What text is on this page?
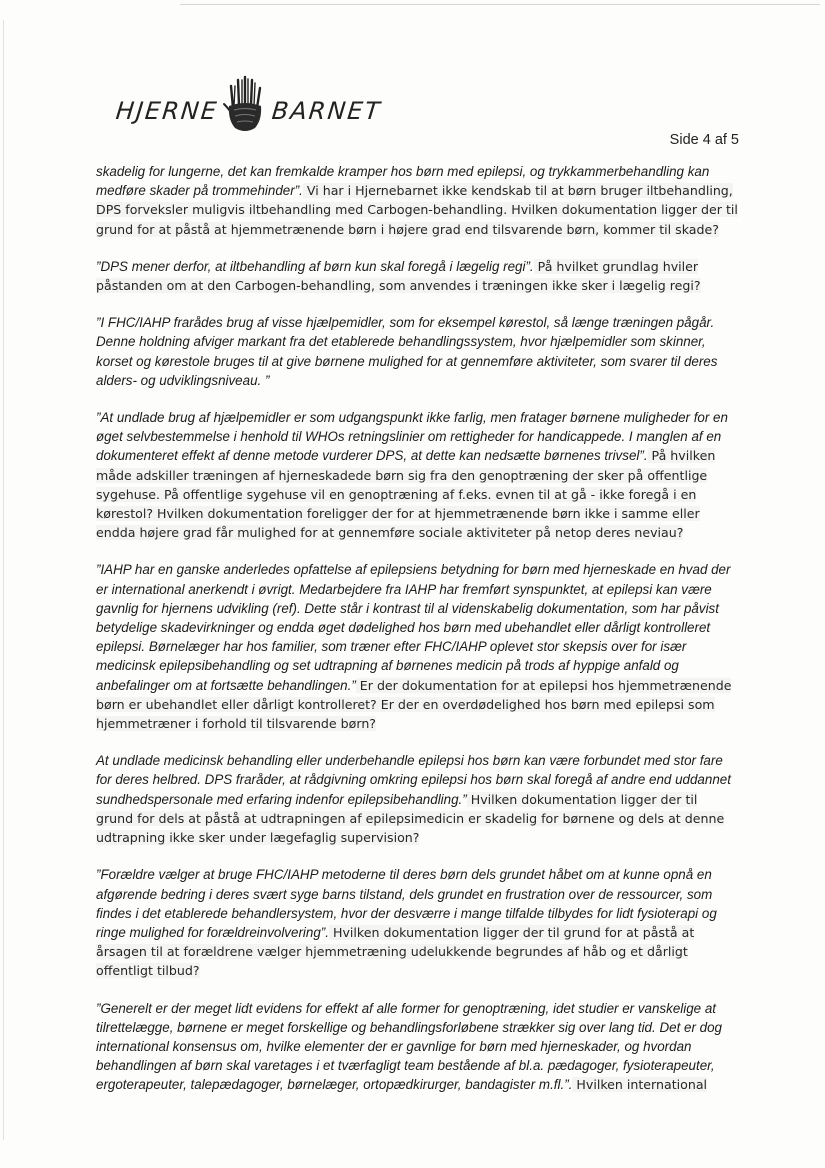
HJERNE BARNET
Side 4 af 5

skadelig for lungerne, det kan fremkalde kramper hos børn med epilepsi, og trykkammerbehandling kan medføre skader på trommehinder”. Vi har i Hjernebarnet ikke kendskab til at børn bruger iltbehandling, DPS forveksler muligvis iltbehandling med Carbogen-behandling. Hvilken dokumentation ligger der til grund for at påstå at hjemmetrænende børn i højere grad end tilsvarende børn, kommer til skade?

”DPS mener derfor, at iltbehandling af børn kun skal foregå i lægelig regi”. På hvilket grundlag hviler påstanden om at den Carbogen-behandling, som anvendes i træningen ikke sker i lægelig regi?

”I FHC/IAHP frarådes brug af visse hjælpemidler, som for eksempel kørestol, så længe træningen pågår. Denne holdning afviger markant fra det etablerede behandlingssystem, hvor hjælpemidler som skinner, korset og kørestole bruges til at give børnene mulighed for at gennemføre aktiviteter, som svarer til deres alders- og udviklingsniveau. ”

”At undlade brug af hjælpemidler er som udgangspunkt ikke farlig, men fratager børnene muligheder for en øget selvbestemmelse i henhold til WHOs retningslinier om rettigheder for handicappede. I manglen af en dokumenteret effekt af denne metode vurderer DPS, at dette kan nedsætte børnenes trivsel”. På hvilken måde adskiller træningen af hjerneskadede børn sig fra den genoptræning der sker på offentlige sygehuse. På offentlige sygehuse vil en genoptræning af f.eks. evnen til at gå - ikke foregå i en kørestol? Hvilken dokumentation foreligger der for at hjemmetrænende børn ikke i samme eller endda højere grad får mulighed for at gennemføre sociale aktiviteter på netop deres neviau?

”IAHP har en ganske anderledes opfattelse af epilepsiens betydning for børn med hjerneskade en hvad der er international anerkendt i øvrigt. Medarbejdere fra IAHP har fremført synspunktet, at epilepsi kan være gavnlig for hjernens udvikling (ref). Dette står i kontrast til al videnskabelig dokumentation, som har påvist betydelige skadevirkninger og endda øget dødelighed hos børn med ubehandlet eller dårligt kontrolleret epilepsi. Børnelæger har hos familier, som træner efter FHC/IAHP oplevet stor skepsis over for især medicinsk epilepsibehandling og set udtrapning af børnenes medicin på trods af hyppige anfald og anbefalinger om at fortsætte behandlingen.” Er der dokumentation for at epilepsi hos hjemmetrænende børn er ubehandlet eller dårligt kontrolleret? Er der en overdødelighed hos børn med epilepsi som hjemmetræner i forhold til tilsvarende børn?

At undlade medicinsk behandling eller underbehandle epilepsi hos børn kan være forbundet med stor fare for deres helbred. DPS fraråder, at rådgivning omkring epilepsi hos børn skal foregå af andre end uddannet sundhedspersonale med erfaring indenfor epilepsibehandling.” Hvilken dokumentation ligger der til grund for dels at påstå at udtrapningen af epilepsimedicin er skadelig for børnene og dels at denne udtrapning ikke sker under lægefaglig supervision?

”Forældre vælger at bruge FHC/IAHP metoderne til deres børn dels grundet håbet om at kunne opnå en afgørende bedring i deres svært syge barns tilstand, dels grundet en frustration over de ressourcer, som findes i det etablerede behandlersystem, hvor der desværre i mange tilfalde tilbydes for lidt fysioterapi og ringe mulighed for forældreinvolvering”. Hvilken dokumentation ligger der til grund for at påstå at årsagen til at forældrene vælger hjemmetræning udelukkende begrundes af håb og et dårligt offentligt tilbud?

”Generelt er der meget lidt evidens for effekt af alle former for genoptræning, idet studier er vanskelige at tilrettelægge, børnene er meget forskellige og behandlingsforløbene strækker sig over lang tid. Det er dog international konsensus om, hvilke elementer der er gavnlige for børn med hjerneskader, og hvordan behandlingen af børn skal varetages i et tværfagligt team bestående af bl.a. pædagoger, fysioterapeuter, ergoterapeuter, talepædagoger, børnelæger, ortopædkirurger, bandagister m.fl.”. Hvilken international
